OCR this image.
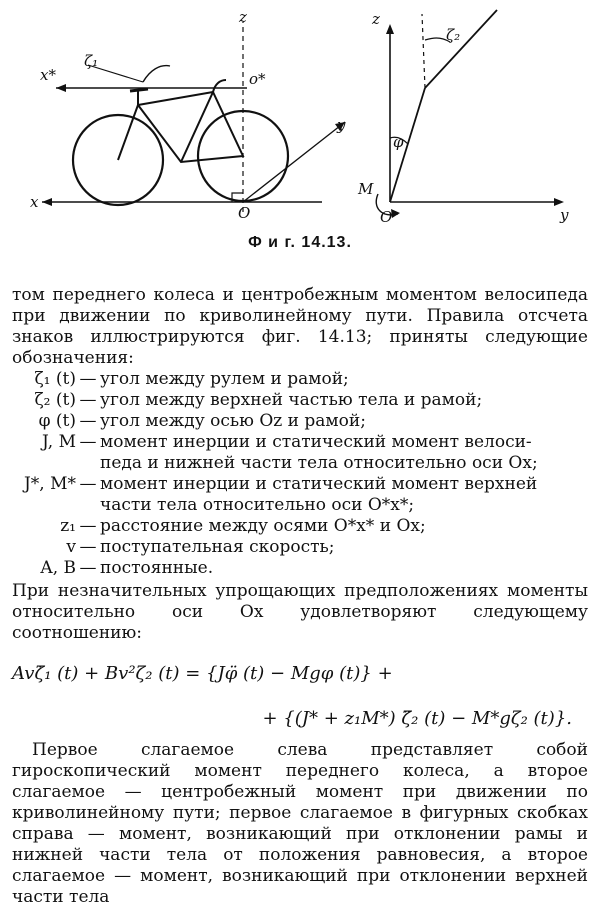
z
x*
ζ₁
o*
y
x
O
z
ζ₂
φ
M
O	y
Ф и г. 14.13.

том переднего колеса и центробежным моментом велосипеда при движении по криволинейному пути. Правила отсчета знаков иллюстрируются фиг. 14.13; приняты следующие обозначения:

ζ₁ (t) — угол между рулем и рамой;
ζ₂ (t) — угол между верхней частью тела и рамой;
φ (t) — угол между осью Oz и рамой;
J, M — момент инерции и статический момент велоси-
педа и нижней части тела относительно оси Ox;
J*, M* — момент инерции и статический момент верхней
части тела относительно оси O*x*;
z₁ — расстояние между осями O*x* и Ox;
v — поступательная скорость;
A, B — постоянные.

При незначительных упрощающих предположениях моменты относительно оси Ox удовлетворяют следующему соотношению:

Avζ̇₁ (t) + Bv²ζ₂ (t) = {Jφ̈ (t) − Mgφ (t)} +
+ {(J* + z₁M*) ζ̈₂ (t) − M*gζ₂ (t)}.

Первое слагаемое слева представляет собой гироскопический момент переднего колеса, а второе слагаемое — центробежный момент при движении по криволинейному пути; первое слагаемое в фигурных скобках справа — момент, возникающий при отклонении рамы и нижней части тела от положения равновесия, а второе слагаемое — момент, возникающий при отклонении верхней части тела
